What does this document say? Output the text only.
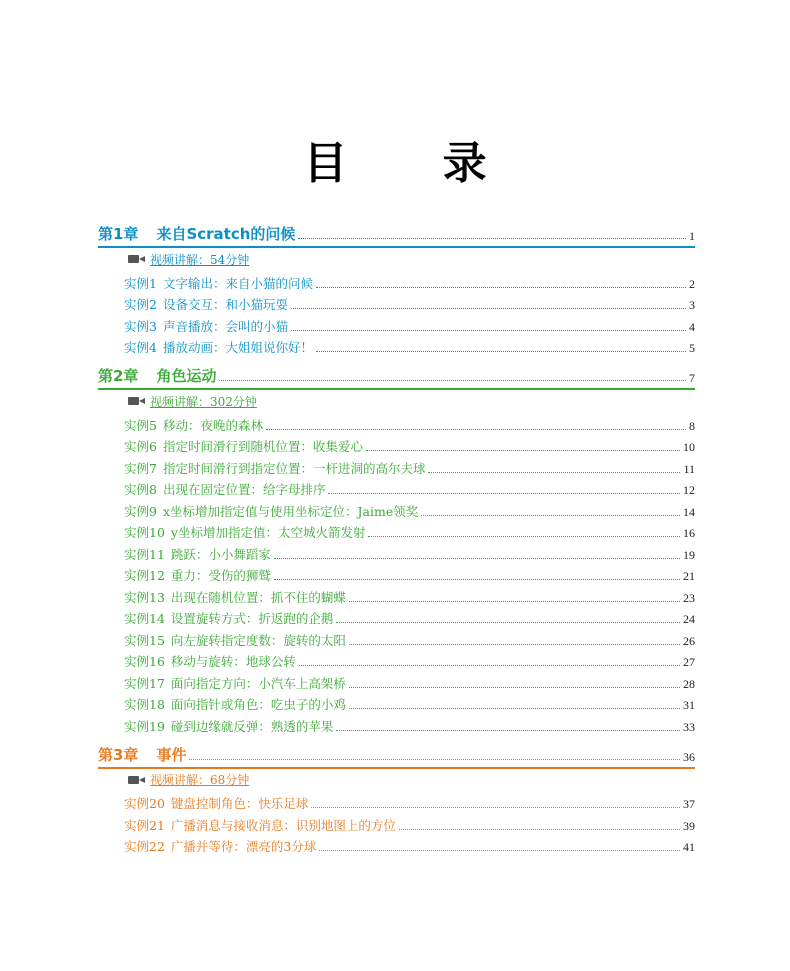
目 录
第1章 来自Scratch的问候	1
视频讲解：54分钟
实例1 文字输出：来自小猫的问候	2
实例2 设备交互：和小猫玩耍	3
实例3 声音播放：会叫的小猫	4
实例4 播放动画：大姐姐说你好！	5
第2章 角色运动	7
视频讲解：302分钟
实例5 移动：夜晚的森林	8
实例6 指定时间滑行到随机位置：收集爱心	10
实例7 指定时间滑行到指定位置：一杆进洞的高尔夫球	11
实例8 出现在固定位置：给字母排序	12
实例9 x坐标增加指定值与使用坐标定位：Jaime领奖	14
实例10 y坐标增加指定值：太空城火箭发射	16
实例11 跳跃：小小舞蹈家	19
实例12 重力：受伤的狮鹫	21
实例13 出现在随机位置：抓不住的蝴蝶	23
实例14 设置旋转方式：折返跑的企鹅	24
实例15 向左旋转指定度数：旋转的太阳	26
实例16 移动与旋转：地球公转	27
实例17 面向指定方向：小汽车上高架桥	28
实例18 面向指针或角色：吃虫子的小鸡	31
实例19 碰到边缘就反弹：熟透的苹果	33
第3章 事件	36
视频讲解：68分钟
实例20 键盘控制角色：快乐足球	37
实例21 广播消息与接收消息：识别地图上的方位	39
实例22 广播并等待：漂亮的3分球	41
